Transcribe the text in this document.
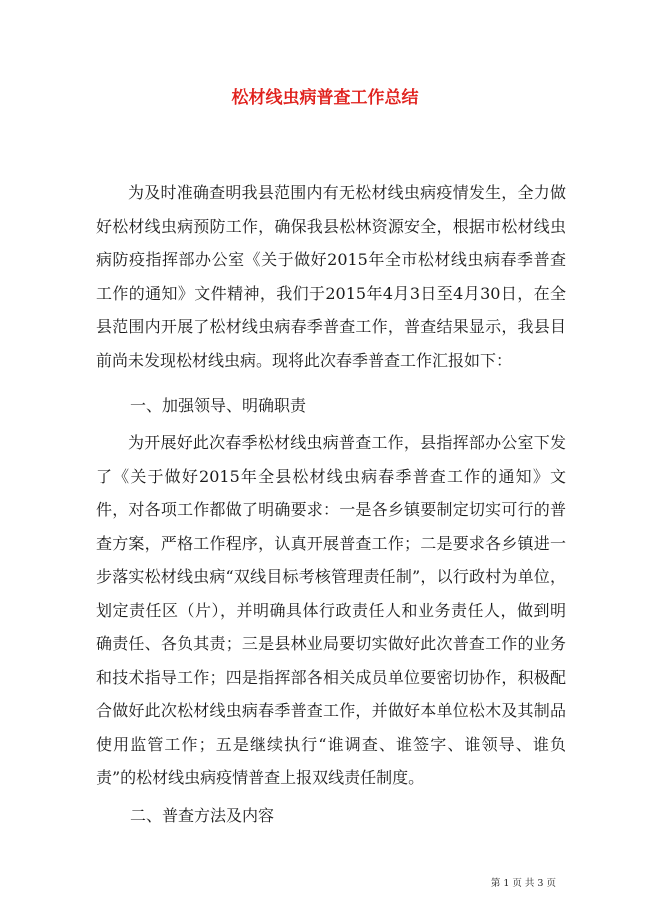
松材线虫病普查工作总结

为及时准确查明我县范围内有无松材线虫病疫情发生，全力做好松材线虫病预防工作，确保我县松林资源安全，根据市松材线虫病防疫指挥部办公室《关于做好2015年全市松材线虫病春季普查工作的通知》文件精神，我们于2015年4月3日至4月30日，在全县范围内开展了松材线虫病春季普查工作，普查结果显示，我县目前尚未发现松材线虫病。现将此次春季普查工作汇报如下：

一、加强领导、明确职责

为开展好此次春季松材线虫病普查工作，县指挥部办公室下发了《关于做好2015年全县松材线虫病春季普查工作的通知》文件，对各项工作都做了明确要求：一是各乡镇要制定切实可行的普查方案，严格工作程序，认真开展普查工作；二是要求各乡镇进一步落实松材线虫病“双线目标考核管理责任制”，以行政村为单位，划定责任区（片），并明确具体行政责任人和业务责任人，做到明确责任、各负其责；三是县林业局要切实做好此次普查工作的业务和技术指导工作；四是指挥部各相关成员单位要密切协作，积极配合做好此次松材线虫病春季普查工作，并做好本单位松木及其制品使用监管工作；五是继续执行“谁调查、谁签字、谁领导、谁负责”的松材线虫病疫情普查上报双线责任制度。

二、普查方法及内容

第 1 页 共 3 页
